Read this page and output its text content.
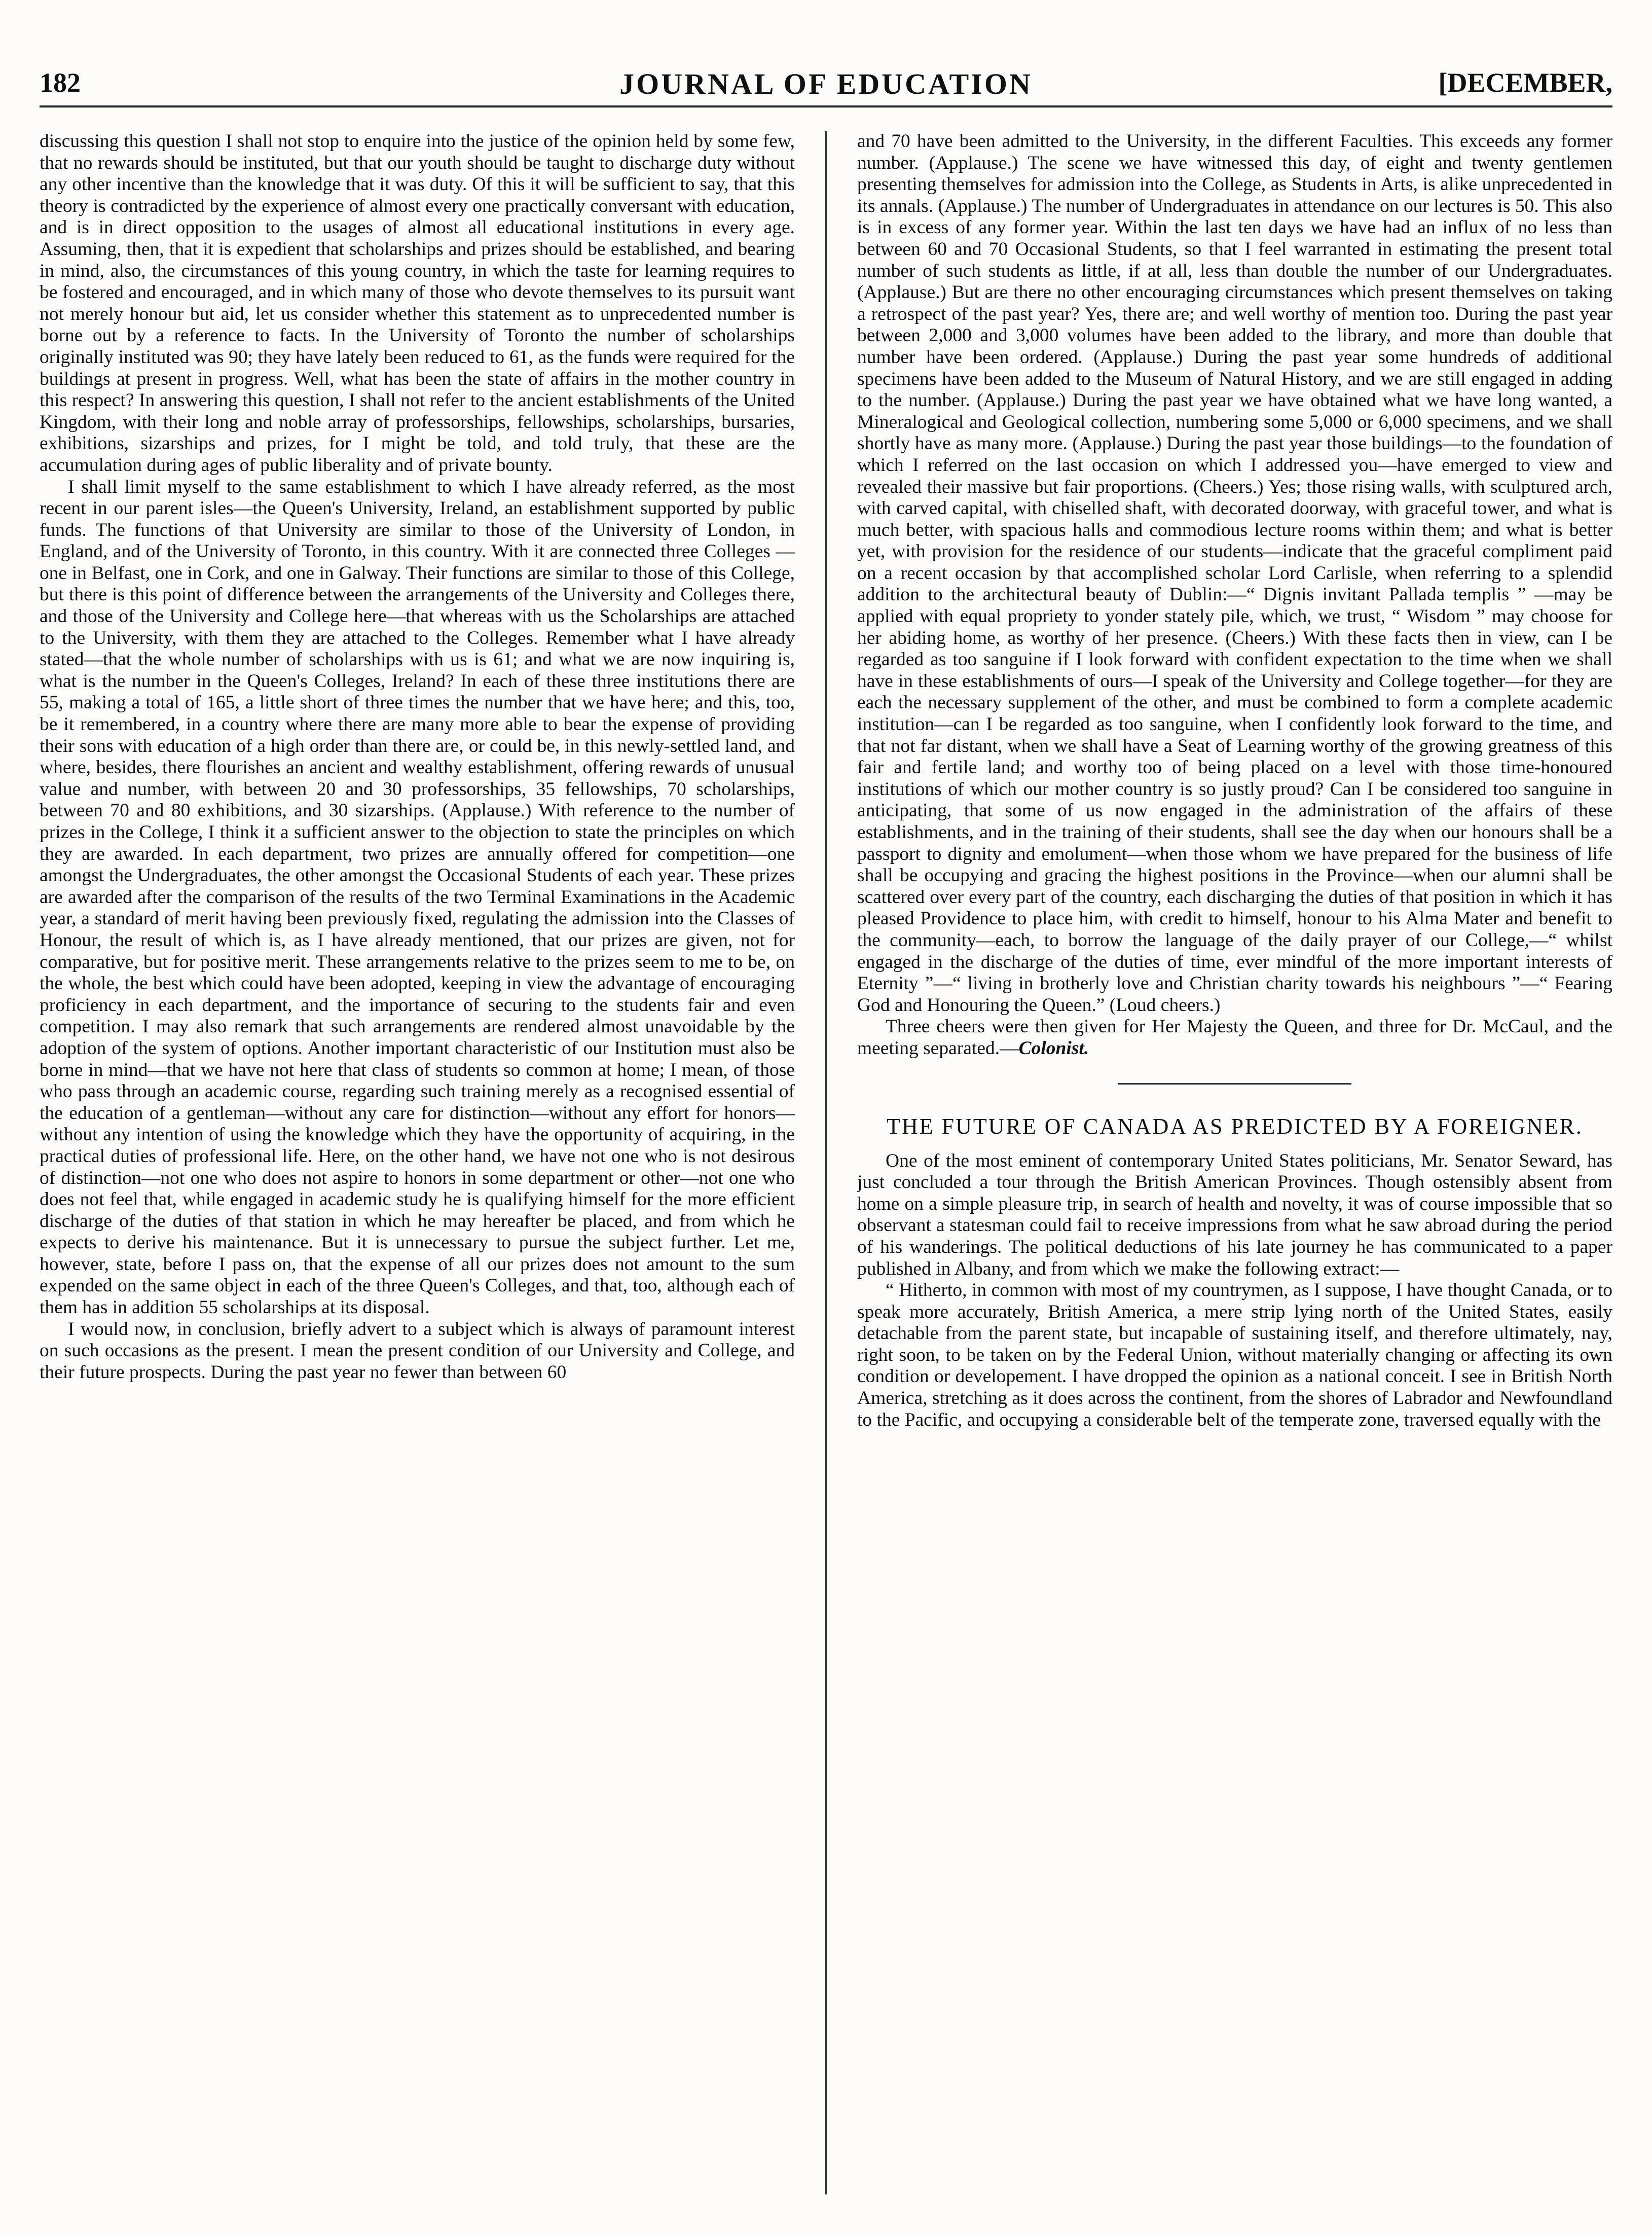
182	JOURNAL OF EDUCATION	[DECEMBER,

discussing this question I shall not stop to enquire into the justice of the opinion held by some few, that no rewards should be instituted, but that our youth should be taught to discharge duty without any other incentive than the knowledge that it was duty. Of this it will be sufficient to say, that this theory is contradicted by the experience of almost every one practically conversant with education, and is in direct opposition to the usages of almost all educational institutions in every age. Assuming, then, that it is expedient that scholarships and prizes should be established, and bearing in mind, also, the circumstances of this young country, in which the taste for learning requires to be fostered and encouraged, and in which many of those who devote themselves to its pursuit want not merely honour but aid, let us consider whether this statement as to unprecedented number is borne out by a reference to facts. In the University of Toronto the number of scholarships originally instituted was 90; they have lately been reduced to 61, as the funds were required for the buildings at present in progress. Well, what has been the state of affairs in the mother country in this respect? In answering this question, I shall not refer to the ancient establishments of the United Kingdom, with their long and noble array of professorships, fellowships, scholarships, bursaries, exhibitions, sizarships and prizes, for I might be told, and told truly, that these are the accumulation during ages of public liberality and of private bounty.

I shall limit myself to the same establishment to which I have already referred, as the most recent in our parent isles—the Queen's University, Ireland, an establishment supported by public funds. The functions of that University are similar to those of the University of London, in England, and of the University of Toronto, in this country. With it are connected three Colleges — one in Belfast, one in Cork, and one in Galway. Their functions are similar to those of this College, but there is this point of difference between the arrangements of the University and Colleges there, and those of the University and College here—that whereas with us the Scholarships are attached to the University, with them they are attached to the Colleges. Remember what I have already stated—that the whole number of scholarships with us is 61; and what we are now inquiring is, what is the number in the Queen's Colleges, Ireland? In each of these three institutions there are 55, making a total of 165, a little short of three times the number that we have here; and this, too, be it remembered, in a country where there are many more able to bear the expense of providing their sons with education of a high order than there are, or could be, in this newly-settled land, and where, besides, there flourishes an ancient and wealthy establishment, offering rewards of unusual value and number, with between 20 and 30 professorships, 35 fellowships, 70 scholarships, between 70 and 80 exhibitions, and 30 sizarships. (Applause.) With reference to the number of prizes in the College, I think it a sufficient answer to the objection to state the principles on which they are awarded. In each department, two prizes are annually offered for competition—one amongst the Undergraduates, the other amongst the Occasional Students of each year. These prizes are awarded after the comparison of the results of the two Terminal Examinations in the Academic year, a standard of merit having been previously fixed, regulating the admission into the Classes of Honour, the result of which is, as I have already mentioned, that our prizes are given, not for comparative, but for positive merit. These arrangements relative to the prizes seem to me to be, on the whole, the best which could have been adopted, keeping in view the advantage of encouraging proficiency in each department, and the importance of securing to the students fair and even competition. I may also remark that such arrangements are rendered almost unavoidable by the adoption of the system of options. Another important characteristic of our Institution must also be borne in mind—that we have not here that class of students so common at home; I mean, of those who pass through an academic course, regarding such training merely as a recognised essential of the education of a gentleman—without any care for distinction—without any effort for honors—without any intention of using the knowledge which they have the opportunity of acquiring, in the practical duties of professional life. Here, on the other hand, we have not one who is not desirous of distinction—not one who does not aspire to honors in some department or other—not one who does not feel that, while engaged in academic study he is qualifying himself for the more efficient discharge of the duties of that station in which he may hereafter be placed, and from which he expects to derive his maintenance. But it is unnecessary to pursue the subject further. Let me, however, state, before I pass on, that the expense of all our prizes does not amount to the sum expended on the same object in each of the three Queen's Colleges, and that, too, although each of them has in addition 55 scholarships at its disposal.

I would now, in conclusion, briefly advert to a subject which is always of paramount interest on such occasions as the present. I mean the present condition of our University and College, and their future prospects. During the past year no fewer than between 60

and 70 have been admitted to the University, in the different Faculties. This exceeds any former number. (Applause.) The scene we have witnessed this day, of eight and twenty gentlemen presenting themselves for admission into the College, as Students in Arts, is alike unprecedented in its annals. (Applause.) The number of Undergraduates in attendance on our lectures is 50. This also is in excess of any former year. Within the last ten days we have had an influx of no less than between 60 and 70 Occasional Students, so that I feel warranted in estimating the present total number of such students as little, if at all, less than double the number of our Undergraduates. (Applause.) But are there no other encouraging circumstances which present themselves on taking a retrospect of the past year? Yes, there are; and well worthy of mention too. During the past year between 2,000 and 3,000 volumes have been added to the library, and more than double that number have been ordered. (Applause.) During the past year some hundreds of additional specimens have been added to the Museum of Natural History, and we are still engaged in adding to the number. (Applause.) During the past year we have obtained what we have long wanted, a Mineralogical and Geological collection, numbering some 5,000 or 6,000 specimens, and we shall shortly have as many more. (Applause.) During the past year those buildings—to the foundation of which I referred on the last occasion on which I addressed you—have emerged to view and revealed their massive but fair proportions. (Cheers.) Yes; those rising walls, with sculptured arch, with carved capital, with chiselled shaft, with decorated doorway, with graceful tower, and what is much better, with spacious halls and commodious lecture rooms within them; and what is better yet, with provision for the residence of our students—indicate that the graceful compliment paid on a recent occasion by that accomplished scholar Lord Carlisle, when referring to a splendid addition to the architectural beauty of Dublin:—“ Dignis invitant Pallada templis ” —may be applied with equal propriety to yonder stately pile, which, we trust, “ Wisdom ” may choose for her abiding home, as worthy of her presence. (Cheers.) With these facts then in view, can I be regarded as too sanguine if I look forward with confident expectation to the time when we shall have in these establishments of ours—I speak of the University and College together—for they are each the necessary supplement of the other, and must be combined to form a complete academic institution—can I be regarded as too sanguine, when I confidently look forward to the time, and that not far distant, when we shall have a Seat of Learning worthy of the growing greatness of this fair and fertile land; and worthy too of being placed on a level with those time-honoured institutions of which our mother country is so justly proud? Can I be considered too sanguine in anticipating, that some of us now engaged in the administration of the affairs of these establishments, and in the training of their students, shall see the day when our honours shall be a passport to dignity and emolument—when those whom we have prepared for the business of life shall be occupying and gracing the highest positions in the Province—when our alumni shall be scattered over every part of the country, each discharging the duties of that position in which it has pleased Providence to place him, with credit to himself, honour to his Alma Mater and benefit to the community—each, to borrow the language of the daily prayer of our College,—“ whilst engaged in the discharge of the duties of time, ever mindful of the more important interests of Eternity ”—“ living in brotherly love and Christian charity towards his neighbours ”—“ Fearing God and Honouring the Queen.” (Loud cheers.)

Three cheers were then given for Her Majesty the Queen, and three for Dr. McCaul, and the meeting separated.—Colonist.

THE FUTURE OF CANADA AS PREDICTED BY A FOREIGNER.

One of the most eminent of contemporary United States politicians, Mr. Senator Seward, has just concluded a tour through the British American Provinces. Though ostensibly absent from home on a simple pleasure trip, in search of health and novelty, it was of course impossible that so observant a statesman could fail to receive impressions from what he saw abroad during the period of his wanderings. The political deductions of his late journey he has communicated to a paper published in Albany, and from which we make the following extract:—

“ Hitherto, in common with most of my countrymen, as I suppose, I have thought Canada, or to speak more accurately, British America, a mere strip lying north of the United States, easily detachable from the parent state, but incapable of sustaining itself, and therefore ultimately, nay, right soon, to be taken on by the Federal Union, without materially changing or affecting its own condition or developement. I have dropped the opinion as a national conceit. I see in British North America, stretching as it does across the continent, from the shores of Labrador and Newfoundland to the Pacific, and occupying a considerable belt of the temperate zone, traversed equally with the
